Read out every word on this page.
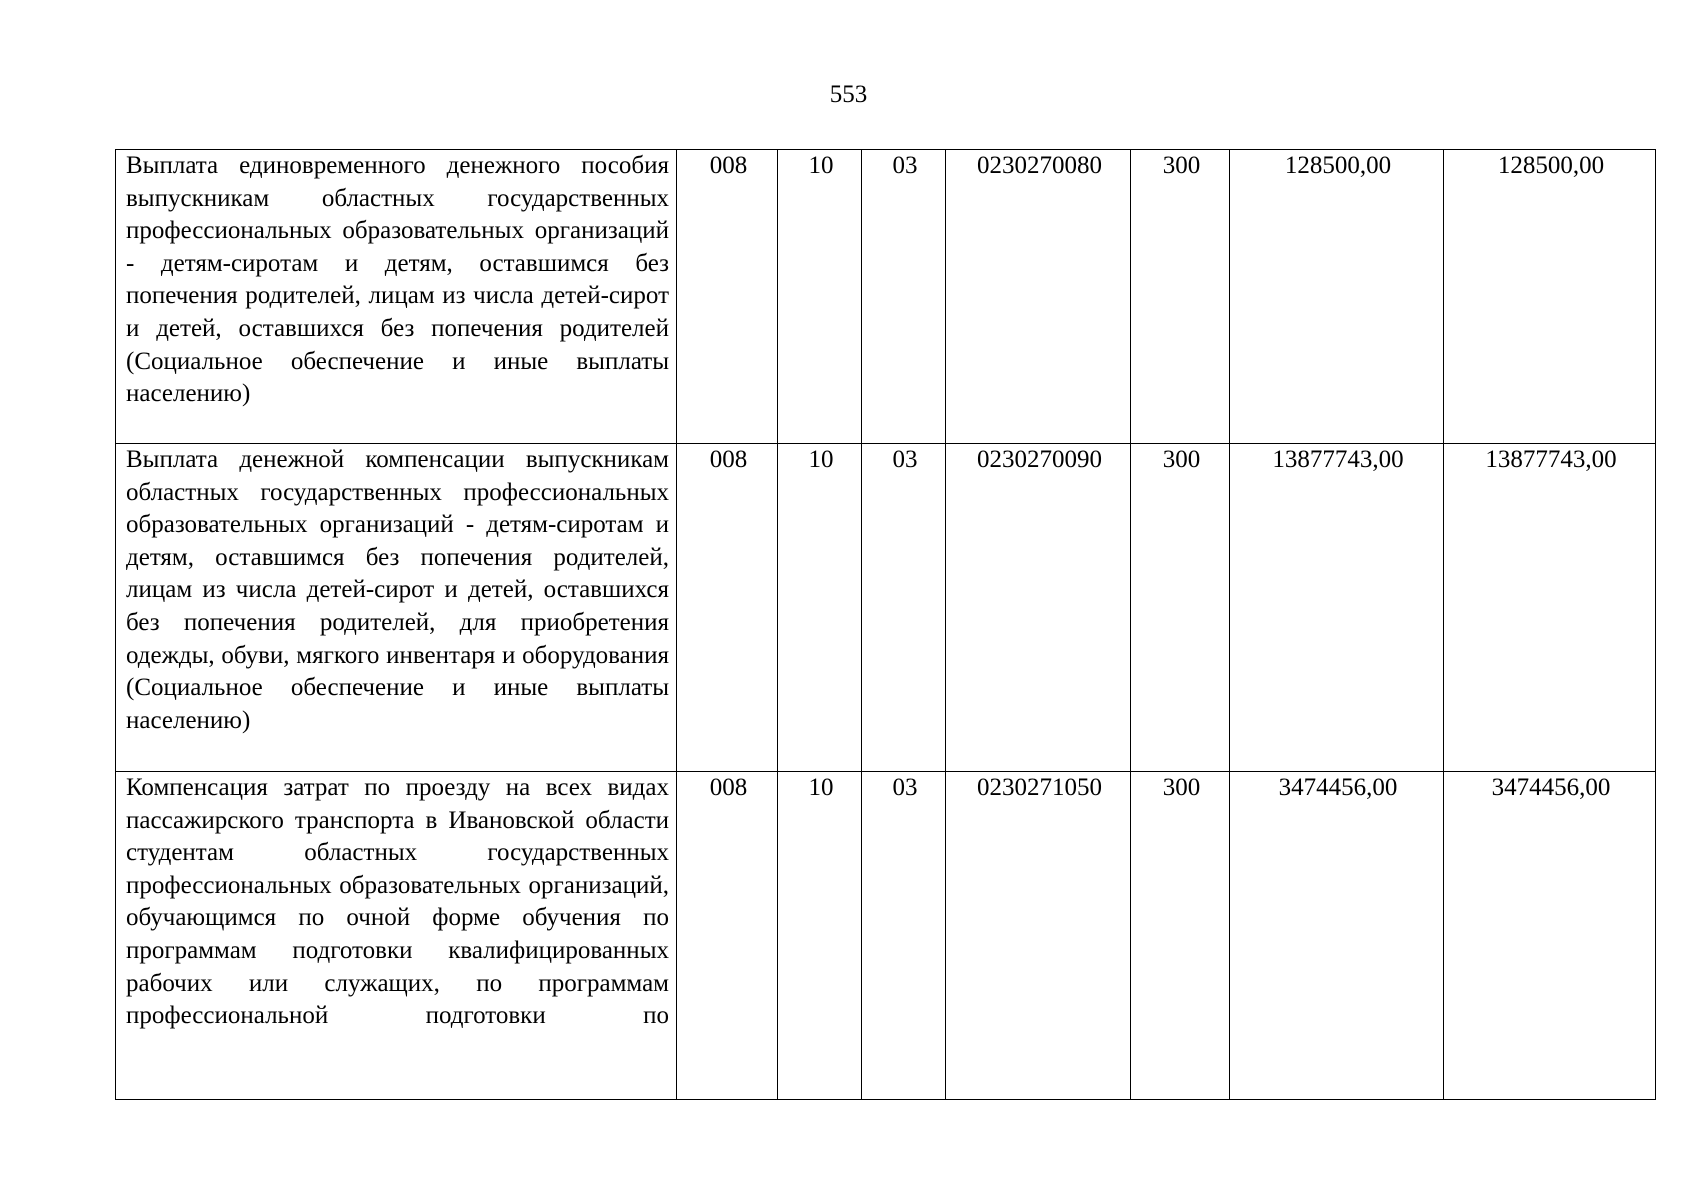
553
Выплата единовременного денежного пособия выпускникам областных государственных профессиональных образовательных организаций - детям-сиротам и детям, оставшимся без попечения родителей, лицам из числа детей-сирот и детей, оставшихся без попечения родителей (Социальное обеспечение и иные выплаты населению)	008	10	03	0230270080	300	128500,00	128500,00
Выплата денежной компенсации выпускникам областных государственных профессиональных образовательных организаций - детям-сиротам и детям, оставшимся без попечения родителей, лицам из числа детей-сирот и детей, оставшихся без попечения родителей, для приобретения одежды, обуви, мягкого инвентаря и оборудования (Социальное обеспечение и иные выплаты населению)	008	10	03	0230270090	300	13877743,00	13877743,00
Компенсация затрат по проезду на всех видах пассажирского транспорта в Ивановской области студентам областных государственных профессиональных образовательных организаций, обучающимся по очной форме обучения по программам подготовки квалифицированных рабочих или служащих, по программам профессиональной подготовки по	008	10	03	0230271050	300	3474456,00	3474456,00
